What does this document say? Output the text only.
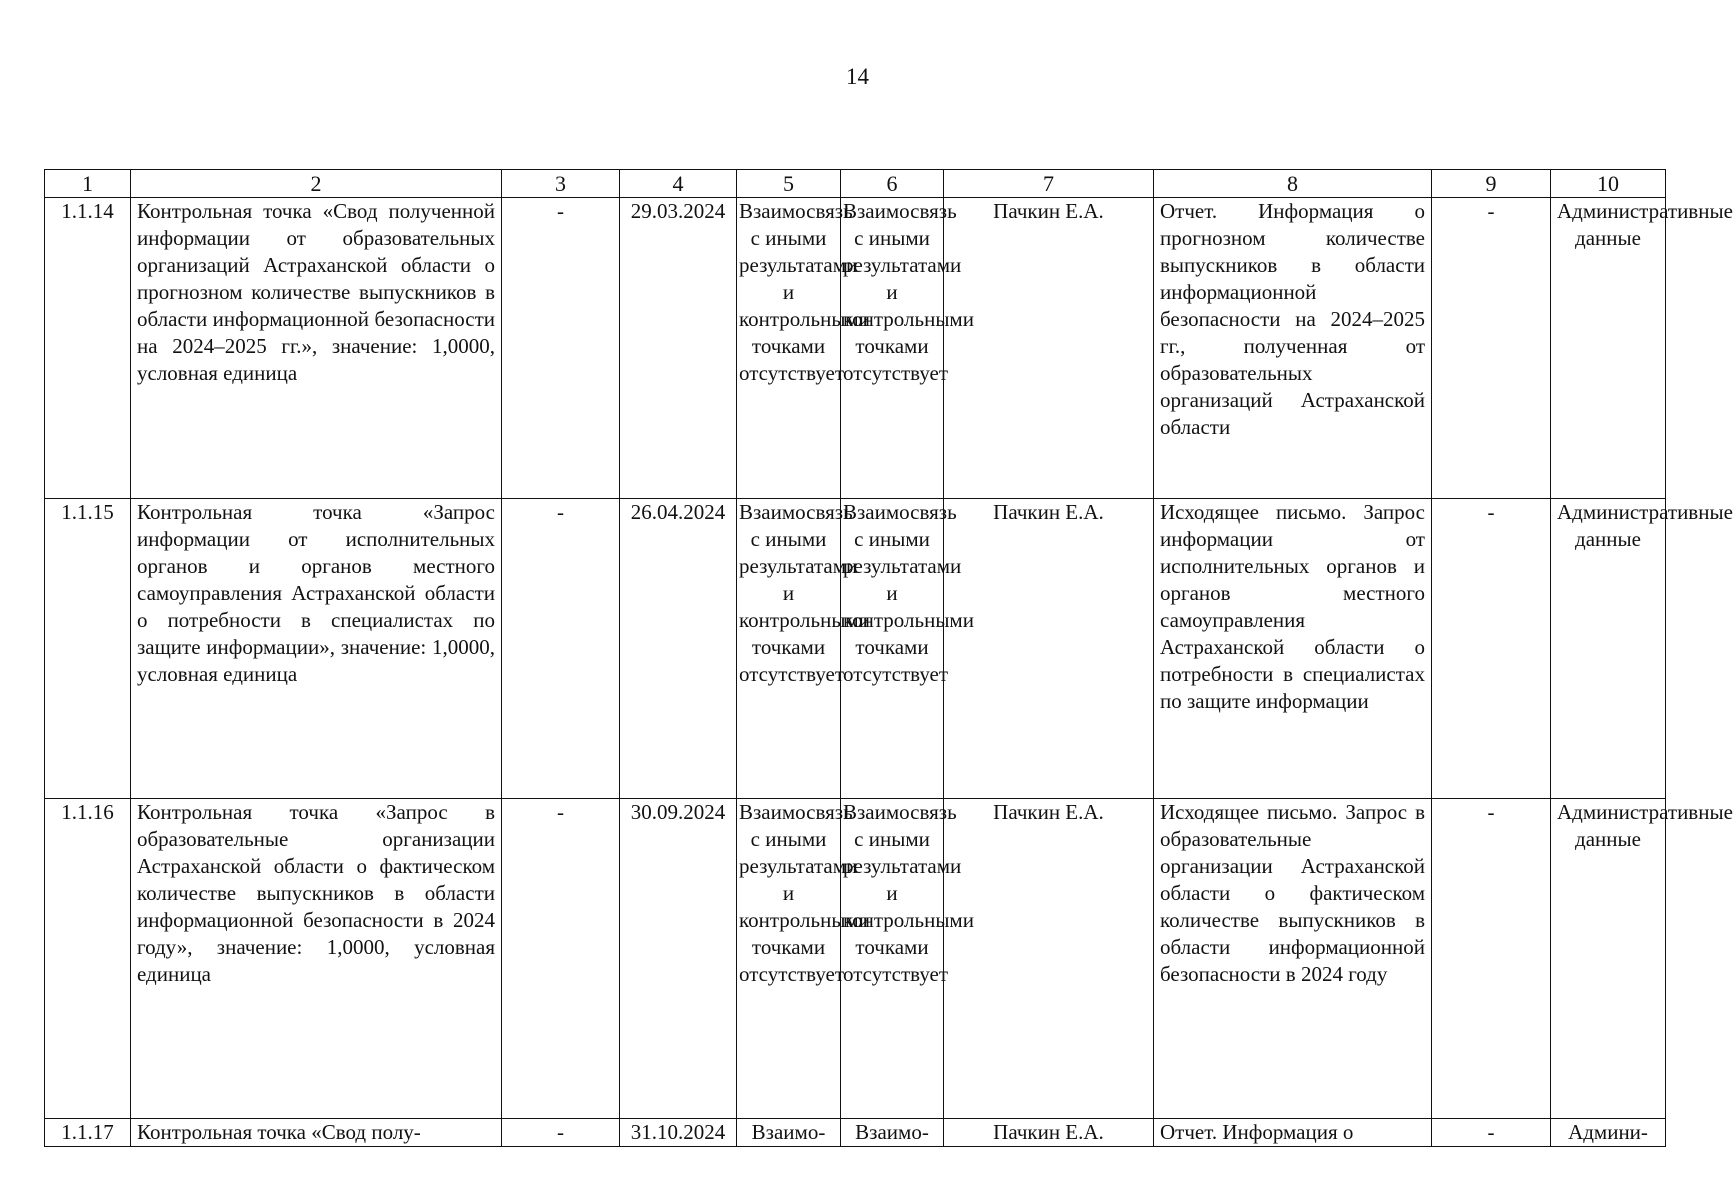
14
1	2	3	4	5	6	7	8	9	10
1.1.14	Контрольная точка «Свод полученной информации от образовательных организаций Астраханской области о прогнозном количестве выпускников в области информационной безопасности на 2024–2025 гг.», значение: 1,0000, условная единица	-	29.03.2024	Взаимосвязь с иными результатами и контрольными точками отсутствует	Взаимосвязь с иными результатами и контрольными точками отсутствует	Пачкин Е.А.	Отчет. Информация о прогнозном количестве выпускников в области информационной безопасности на 2024–2025 гг., полученная от образовательных организаций Астраханской области	-	Административные данные
1.1.15	Контрольная точка «Запрос информации от исполнительных органов и органов местного самоуправления Астраханской области о потребности в специалистах по защите информации», значение: 1,0000, условная единица	-	26.04.2024	Взаимосвязь с иными результатами и контрольными точками отсутствует	Взаимосвязь с иными результатами и контрольными точками отсутствует	Пачкин Е.А.	Исходящее письмо. Запрос информации от исполнительных органов и органов местного самоуправления Астраханской области о потребности в специалистах по защите информации	-	Административные данные
1.1.16	Контрольная точка «Запрос в образовательные организации Астраханской области о фактическом количестве выпускников в области информационной безопасности в 2024 году», значение: 1,0000, условная единица	-	30.09.2024	Взаимосвязь с иными результатами и контрольными точками отсутствует	Взаимосвязь с иными результатами и контрольными точками отсутствует	Пачкин Е.А.	Исходящее письмо. Запрос в образовательные организации Астраханской области о фактическом количестве выпускников в области информационной безопасности в 2024 году	-	Административные данные
1.1.17	Контрольная точка «Свод полу-	-	31.10.2024	Взаимо-	Взаимо-	Пачкин Е.А.	Отчет. Информация о	-	Админи-
